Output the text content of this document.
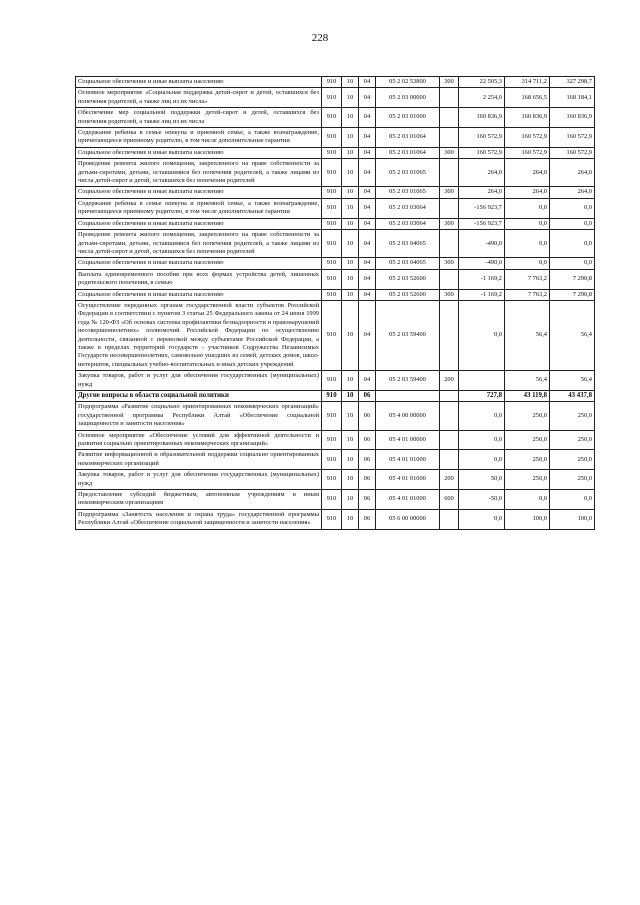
228
Социальное обеспечение и иные выплаты населению	910	10	04	05 2 02 53800	300	22 505,3	314 711,2	327 298,7
Основное мероприятие «Социальная поддержка детей-сирот и детей, оставшихся без попечения родителей, а также лиц из их числа»	910	10	04	05 2 03 00000		2 254,0	168 656,5	168 184,1
Обеспечение мер социальной поддержки детей-сирот и детей, оставшихся без попечения родителей, а также лиц из их числа	910	10	04	05 2 03 01000		160 836,9	160 836,9	160 836,9
Содержание ребенка в семье опекуна и приемной семье, а также вознаграждение, причитающееся приемному родителю, в том числе дополнительные гарантии	910	10	04	05 2 03 01064		160 572,9	160 572,9	160 572,9
Социальное обеспечение и иные выплаты населению	910	10	04	05 2 03 01064	300	160 572,9	160 572,9	160 572,9
Проведение ремонта жилого помещения, закрепленного на праве собственности за детьми-сиротами, детьми, оставшимися без попечения родителей, а также лицами из числа детей-сирот и детей, оставшихся без попечения родителей	910	10	04	05 2 03 01065		264,0	264,0	264,0
Социальное обеспечение и иные выплаты населению	910	10	04	05 2 03 01065	300	264,0	264,0	264,0
Содержание ребенка в семье опекуна и приемной семье, а также вознаграждение, причитающееся приемному родителю, в том числе дополнительные гарантии	910	10	04	05 2 03 03064		-156 923,7	0,0	0,0
Социальное обеспечение и иные выплаты населению	910	10	04	05 2 03 03064	300	-156 923,7	0,0	0,0
Проведение ремонта жилого помещения, закрепленного на праве собственности за детьми-сиротами, детьми, оставшимися без попечения родителей, а также лицами из числа детей-сирот и детей, оставшихся без попечения родителей	910	10	04	05 2 03 04065		-490,0	0,0	0,0
Социальное обеспечение и иные выплаты населению	910	10	04	05 2 03 04065	300	-490,0	0,0	0,0
Выплата единовременного пособия при всех формах устройства детей, лишенных родительского попечения, в семью	910	10	04	05 2 03 52600		-1 169,2	7 763,2	7 290,8
Социальное обеспечение и иные выплаты населению	910	10	04	05 2 03 52600	300	-1 169,2	7 763,2	7 290,8
Осуществление переданных органам государственной власти субъектов Российской Федерации в соответствии с пунктом 3 статьи 25 Федерального закона от 24 июня 1999 года № 120-ФЗ «Об основах системы профилактики безнадзорности и правонарушений несовершеннолетних» полномочий Российской Федерации по осуществлению деятельности, связанной с перевозкой между субъектами Российской Федерации, а также в пределах территорий государств - участников Содружества Независимых Государств несовершеннолетних, самовольно ушедших из семей, детских домов, школ-интернатов, специальных учебно-воспитательных и иных детских учреждений	910	10	04	05 2 03 59400		0,0	56,4	56,4
Закупка товаров, работ и услуг для обеспечения государственных (муниципальных) нужд	910	10	04	05 2 03 59400	200		56,4	56,4
Другие вопросы в области социальной политики	910	10	06			727,8	43 119,8	43 437,8
Подпрограмма «Развитие социально ориентированных некоммерческих организаций» государственной программы Республики Алтай «Обеспечение социальной защищенности и занятости населения»	910	10	06	05 4 00 00000		0,0	250,0	250,0
Основное мероприятие «Обеспечение условий для эффективной деятельности и развития социально ориентированных некоммерческих организаций»	910	10	06	05 4 01 00000		0,0	250,0	250,0
Развитие информационной и образовательной поддержки социально ориентированных некоммерческих организаций	910	10	06	05 4 01 01000		0,0	250,0	250,0
Закупка товаров, работ и услуг для обеспечения государственных (муниципальных) нужд	910	10	06	05 4 01 01000	200	50,0	250,0	250,0
Предоставление субсидий бюджетным, автономным учреждениям и иным некоммерческим организациям	910	10	06	05 4 01 01000	600	-50,0	0,0	0,0
Подпрограмма «Занятость населения и охрана труда» государственной программы Республики Алтай «Обеспечение социальной защищенности и занятости населения»	910	10	06	05 6 00 00000		0,0	100,0	100,0
